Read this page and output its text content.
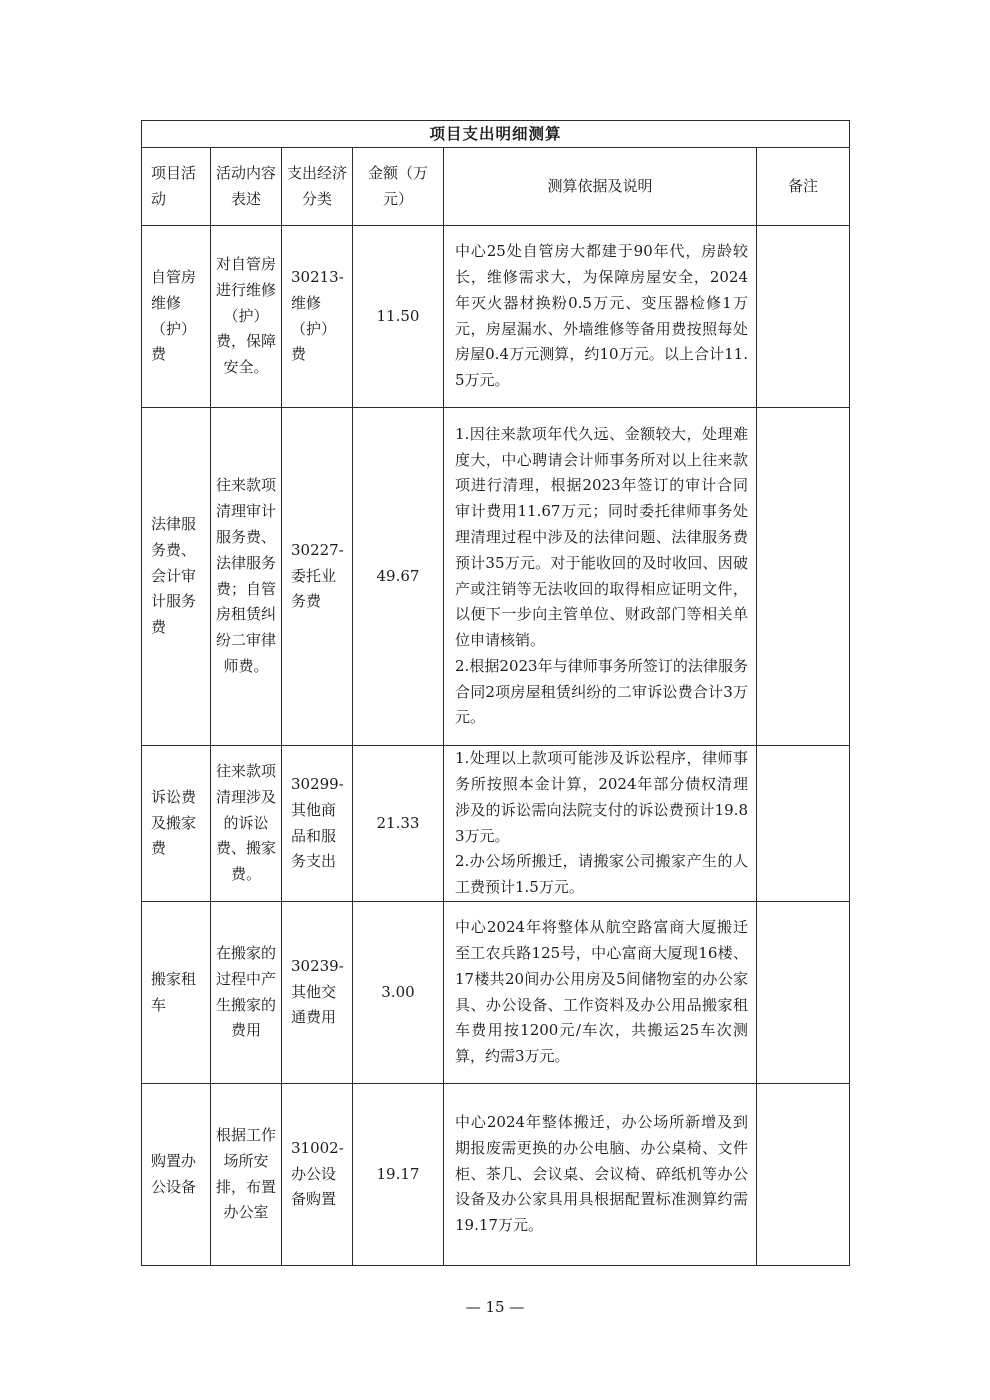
项目支出明细测算					
项目活动	活动内容表述	支出经济分类	金额（万元）	测算依据及说明	备注
自管房维修（护）费	对自管房进行维修（护）费，保障安全。	30213-维修（护）费	11.50	中心25处自管房大都建于90年代，房龄较长，维修需求大，为保障房屋安全，2024年灭火器材换粉0.5万元、变压器检修1万元，房屋漏水、外墙维修等备用费按照每处房屋0.4万元测算，约10万元。以上合计11.5万元。	

法律服务费、会计审计服务费	往来款项清理审计服务费、法律服务费；自管房租赁纠纷二审律师费。	30227-委托业务费	49.67	1.因往来款项年代久远、金额较大，处理难度大，中心聘请会计师事务所对以上往来款项进行清理，根据2023年签订的审计合同审计费用11.67万元；同时委托律师事务处理清理过程中涉及的法律问题、法律服务费预计35万元。对于能收回的及时收回、因破产或注销等无法收回的取得相应证明文件，以便下一步向主管单位、财政部门等相关单位申请核销。
2.根据2023年与律师事务所签订的法律服务合同2项房屋租赁纠纷的二审诉讼费合计3万元。	

诉讼费及搬家费	往来款项清理涉及的诉讼费、搬家费。	30299-其他商品和服务支出	21.33	1.处理以上款项可能涉及诉讼程序，律师事务所按照本金计算，2024年部分债权清理涉及的诉讼需向法院支付的诉讼费预计19.83万元。
2.办公场所搬迁，请搬家公司搬家产生的人工费预计1.5万元。	

搬家租车	在搬家的过程中产生搬家的费用	30239-其他交通费用	3.00	中心2024年将整体从航空路富商大厦搬迁至工农兵路125号，中心富商大厦现16楼、17楼共20间办公用房及5间储物室的办公家具、办公设备、工作资料及办公用品搬家租车费用按1200元/车次，共搬运25车次测算，约需3万元。	

购置办公设备	根据工作场所安排，布置办公室	31002-办公设备购置	19.17	中心2024年整体搬迁，办公场所新增及到期报废需更换的办公电脑、办公桌椅、文件柜、茶几、会议桌、会议椅、碎纸机等办公设备及办公家具用具根据配置标准测算约需19.17万元。	

— 15 —
